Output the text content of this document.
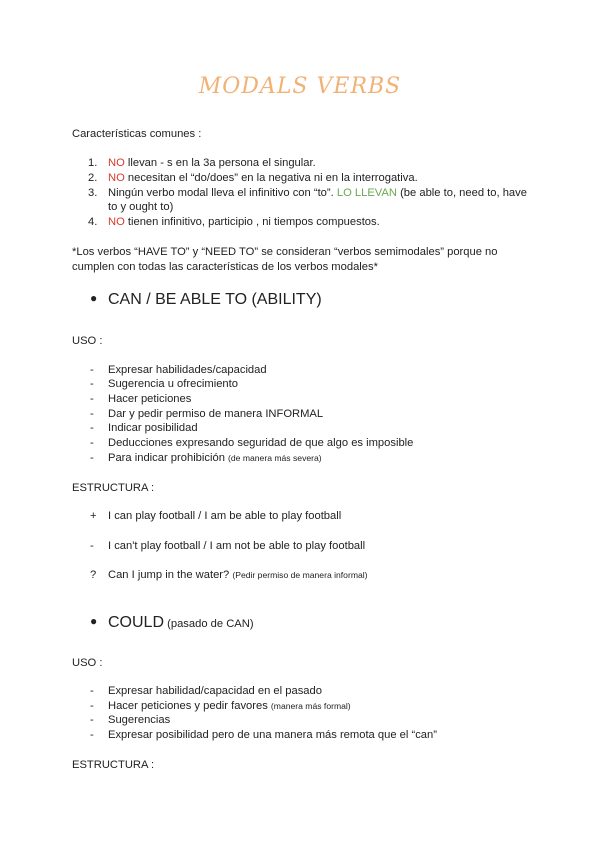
MODALS VERBS
Características comunes :
1. NO llevan - s en la 3a persona el singular.
2. NO necesitan el “do/does” en la negativa ni en la interrogativa.
3. Ningún verbo modal lleva el infinitivo con “to”. LO LLEVAN (be able to, need to, have
to y ought to)
4. NO tienen infinitivo, participio , ni tiempos compuestos.
*Los verbos “HAVE TO” y “NEED TO” se consideran “verbos semimodales” porque no
cumplen con todas las características de los verbos modales*
● CAN / BE ABLE TO (ABILITY)
USO :
- Expresar habilidades/capacidad
- Sugerencia u ofrecimiento
- Hacer peticiones
- Dar y pedir permiso de manera INFORMAL
- Indicar posibilidad
- Deducciones expresando seguridad de que algo es imposible
- Para indicar prohibición (de manera más severa)
ESTRUCTURA :
+ I can play football / I am be able to play football
- I can't play football / I am not be able to play football
? Can I jump in the water? (Pedir permiso de manera informal)
● COULD (pasado de CAN)
USO :
- Expresar habilidad/capacidad en el pasado
- Hacer peticiones y pedir favores (manera más formal)
- Sugerencias
- Expresar posibilidad pero de una manera más remota que el “can”
ESTRUCTURA :
